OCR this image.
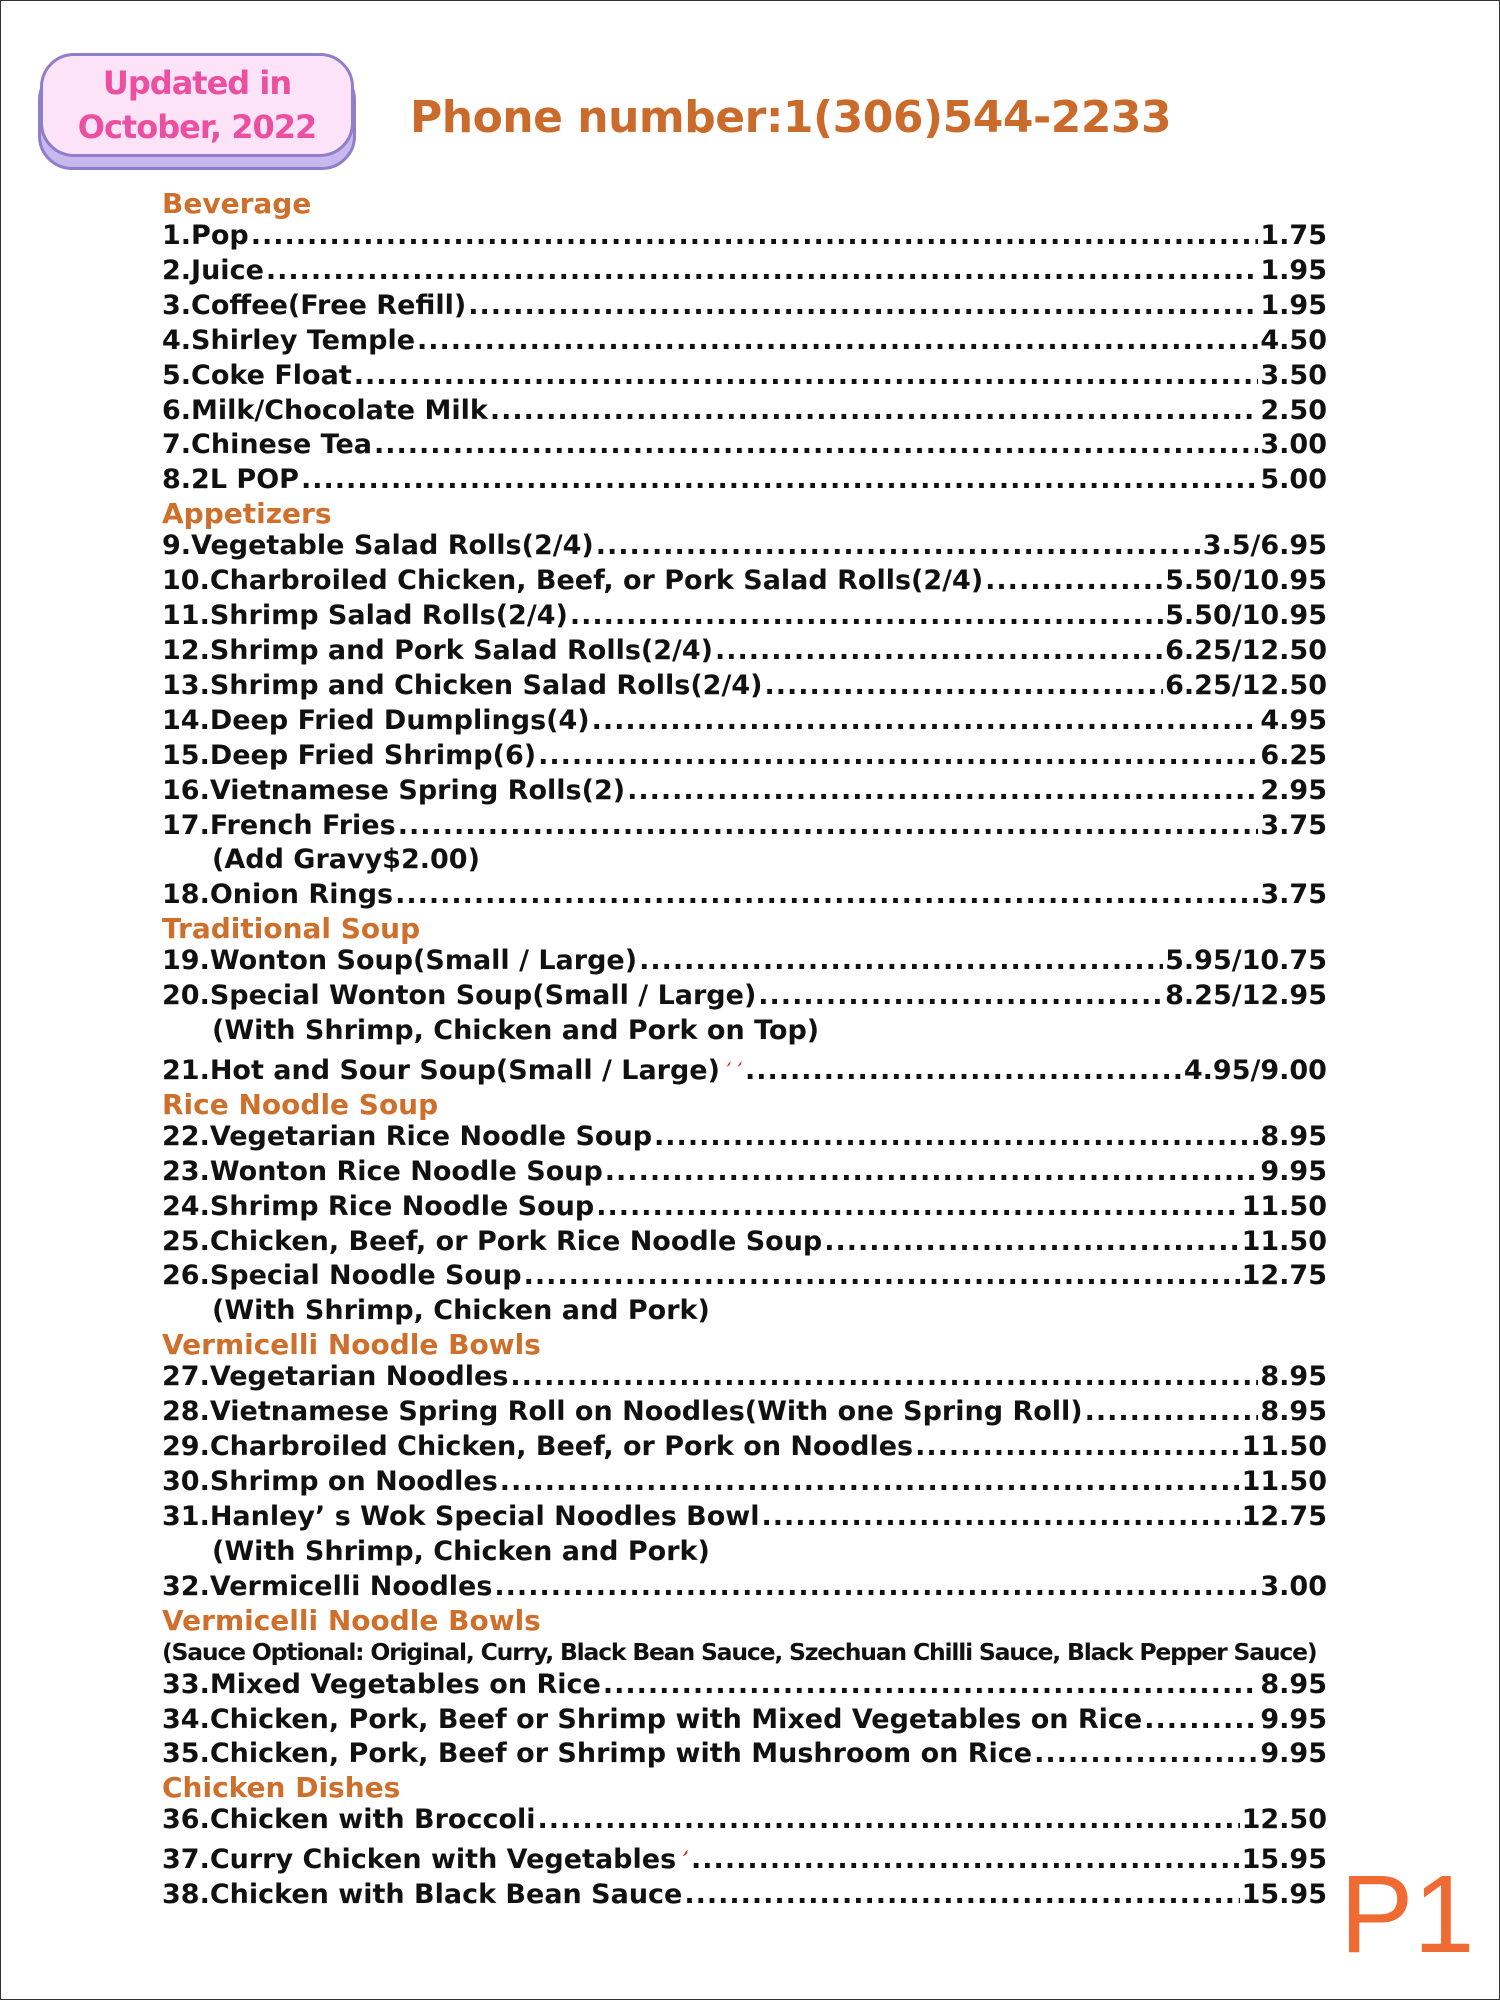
Updated in
October, 2022	Phone number:1(306)544-2233
Beverage
1.Pop .....	1.75
2.Juice .....	1.95
3.Coffee(Free Refill) .....	1.95
4.Shirley Temple .....	4.50
5.Coke Float .....	3.50
6.Milk/Chocolate Milk .....	2.50
7.Chinese Tea .....	3.00
8.2L POP .....	5.00
Appetizers
9.Vegetable Salad Rolls(2/4) .....	3.5/6.95
10.Charbroiled Chicken, Beef, or Pork Salad Rolls(2/4) .....	5.50/10.95
11.Shrimp Salad Rolls(2/4) .....	5.50/10.95
12.Shrimp and Pork Salad Rolls(2/4) .....	6.25/12.50
13.Shrimp and Chicken Salad Rolls(2/4) .....	6.25/12.50
14.Deep Fried Dumplings(4) .....	4.95
15.Deep Fried Shrimp(6) .....	6.25
16.Vietnamese Spring Rolls(2) .....	2.95
17.French Fries .....	3.75
(Add Gravy$2.00)
18.Onion Rings .....	3.75
Traditional Soup
19.Wonton Soup(Small / Large) .....	5.95/10.75
20.Special Wonton Soup(Small / Large) .....	8.25/12.95
(With Shrimp, Chicken and Pork on Top)
21.Hot and Sour Soup(Small / Large) .....	4.95/9.00
Rice Noodle Soup
22.Vegetarian Rice Noodle Soup .....	8.95
23.Wonton Rice Noodle Soup .....	9.95
24.Shrimp Rice Noodle Soup .....	11.50
25.Chicken, Beef, or Pork Rice Noodle Soup .....	11.50
26.Special Noodle Soup .....	12.75
(With Shrimp, Chicken and Pork)
Vermicelli Noodle Bowls
27.Vegetarian Noodles .....	8.95
28.Vietnamese Spring Roll on Noodles(With one Spring Roll) .....	8.95
29.Charbroiled Chicken, Beef, or Pork on Noodles .....	11.50
30.Shrimp on Noodles .....	11.50
31.Hanley’ s Wok Special Noodles Bowl .....	12.75
(With Shrimp, Chicken and Pork)
32.Vermicelli Noodles .....	3.00
Vermicelli Noodle Bowls
(Sauce Optional: Original, Curry, Black Bean Sauce, Szechuan Chilli Sauce, Black Pepper Sauce)
33.Mixed Vegetables on Rice .....	8.95
34.Chicken, Pork, Beef or Shrimp with Mixed Vegetables on Rice .....	9.95
35.Chicken, Pork, Beef or Shrimp with Mushroom on Rice .....	9.95
Chicken Dishes
36.Chicken with Broccoli .....	12.50
37.Curry Chicken with Vegetables .....	15.95
38.Chicken with Black Bean Sauce .....	15.95 P1
